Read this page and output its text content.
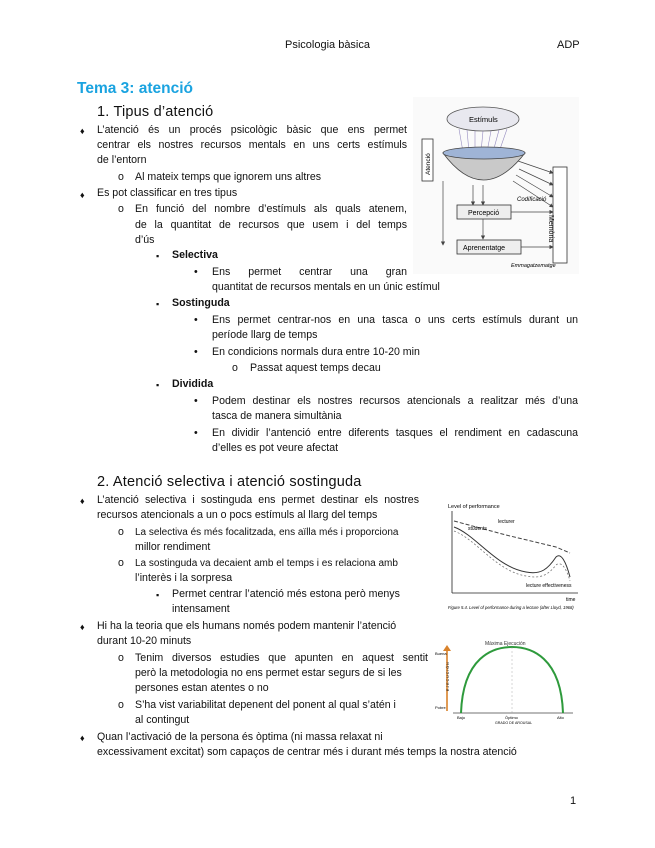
Psicologia bàsica	ADP
Tema 3: atenció
1. Tipus d’atenció
♦ L’atenció és un procés psicològic bàsic que ens permet
centrar els nostres recursos mentals en uns certs estímuls
de l’entorn
o Al mateix temps que ignorem uns altres
♦ Es pot classificar en tres tipus
o En funció del nombre d’estímuls als quals atenem,
de la quantitat de recursos que usem i del temps
d’ús
▪ Selectiva
• Ens permet centrar una gran
quantitat de recursos mentals en un únic estímul
▪ Sostinguda
• Ens permet centrar-nos en una tasca o uns certs estímuls durant un
període llarg de temps
• En condicions normals dura entre 10-20 min
o Passat aquest temps decau
▪ Dividida
• Podem destinar els nostres recursos atencionals a realitzar més d’una
tasca de manera simultània
• En dividir l’antenció entre diferents tasques el rendiment en cadascuna
d’elles es pot veure afectat
Estímuls
Atenció
Codificació
Percepció
Memòria
Aprenentatge
Emmagatzematge
2. Atenció selectiva i atenció sostinguda
♦ L’atenció selectiva i sostinguda ens permet destinar els nostres
recursos atencionals a un o pocs estímuls al llarg del temps
o La selectiva és més focalitzada, ens aïlla més i proporciona
millor rendiment
o La sostinguda va decaient amb el temps i es relaciona amb
l’interès i la sorpresa
▪ Permet centrar l’atenció més estona però menys
intensament
♦ Hi ha la teoria que els humans només podem mantenir l’atenció
durant 10-20 minuts
o Tenim diversos estudies que apunten en aquest sentit
però la metodologia no ens permet estar segurs de si les
persones estan atentes o no
o S’ha vist variabilitat depenent del ponent al qual s’atén i
al contingut
♦ Quan l’activació de la persona és òptima (ni massa relaxat ni
excessivament excitat) som capaços de centrar més i durant més temps la nostra atenció
Level of performance
lecturer
students
lecture effectiveness
time
Figure 5.4. Level of performance during a lecture (after Lloyd, 1968)
Máxima Ejecución
Buena
E J E C U C I Ó N
Pobre
Bajo	Óptimo	Alto
GRADO DE AROUSAL
1
